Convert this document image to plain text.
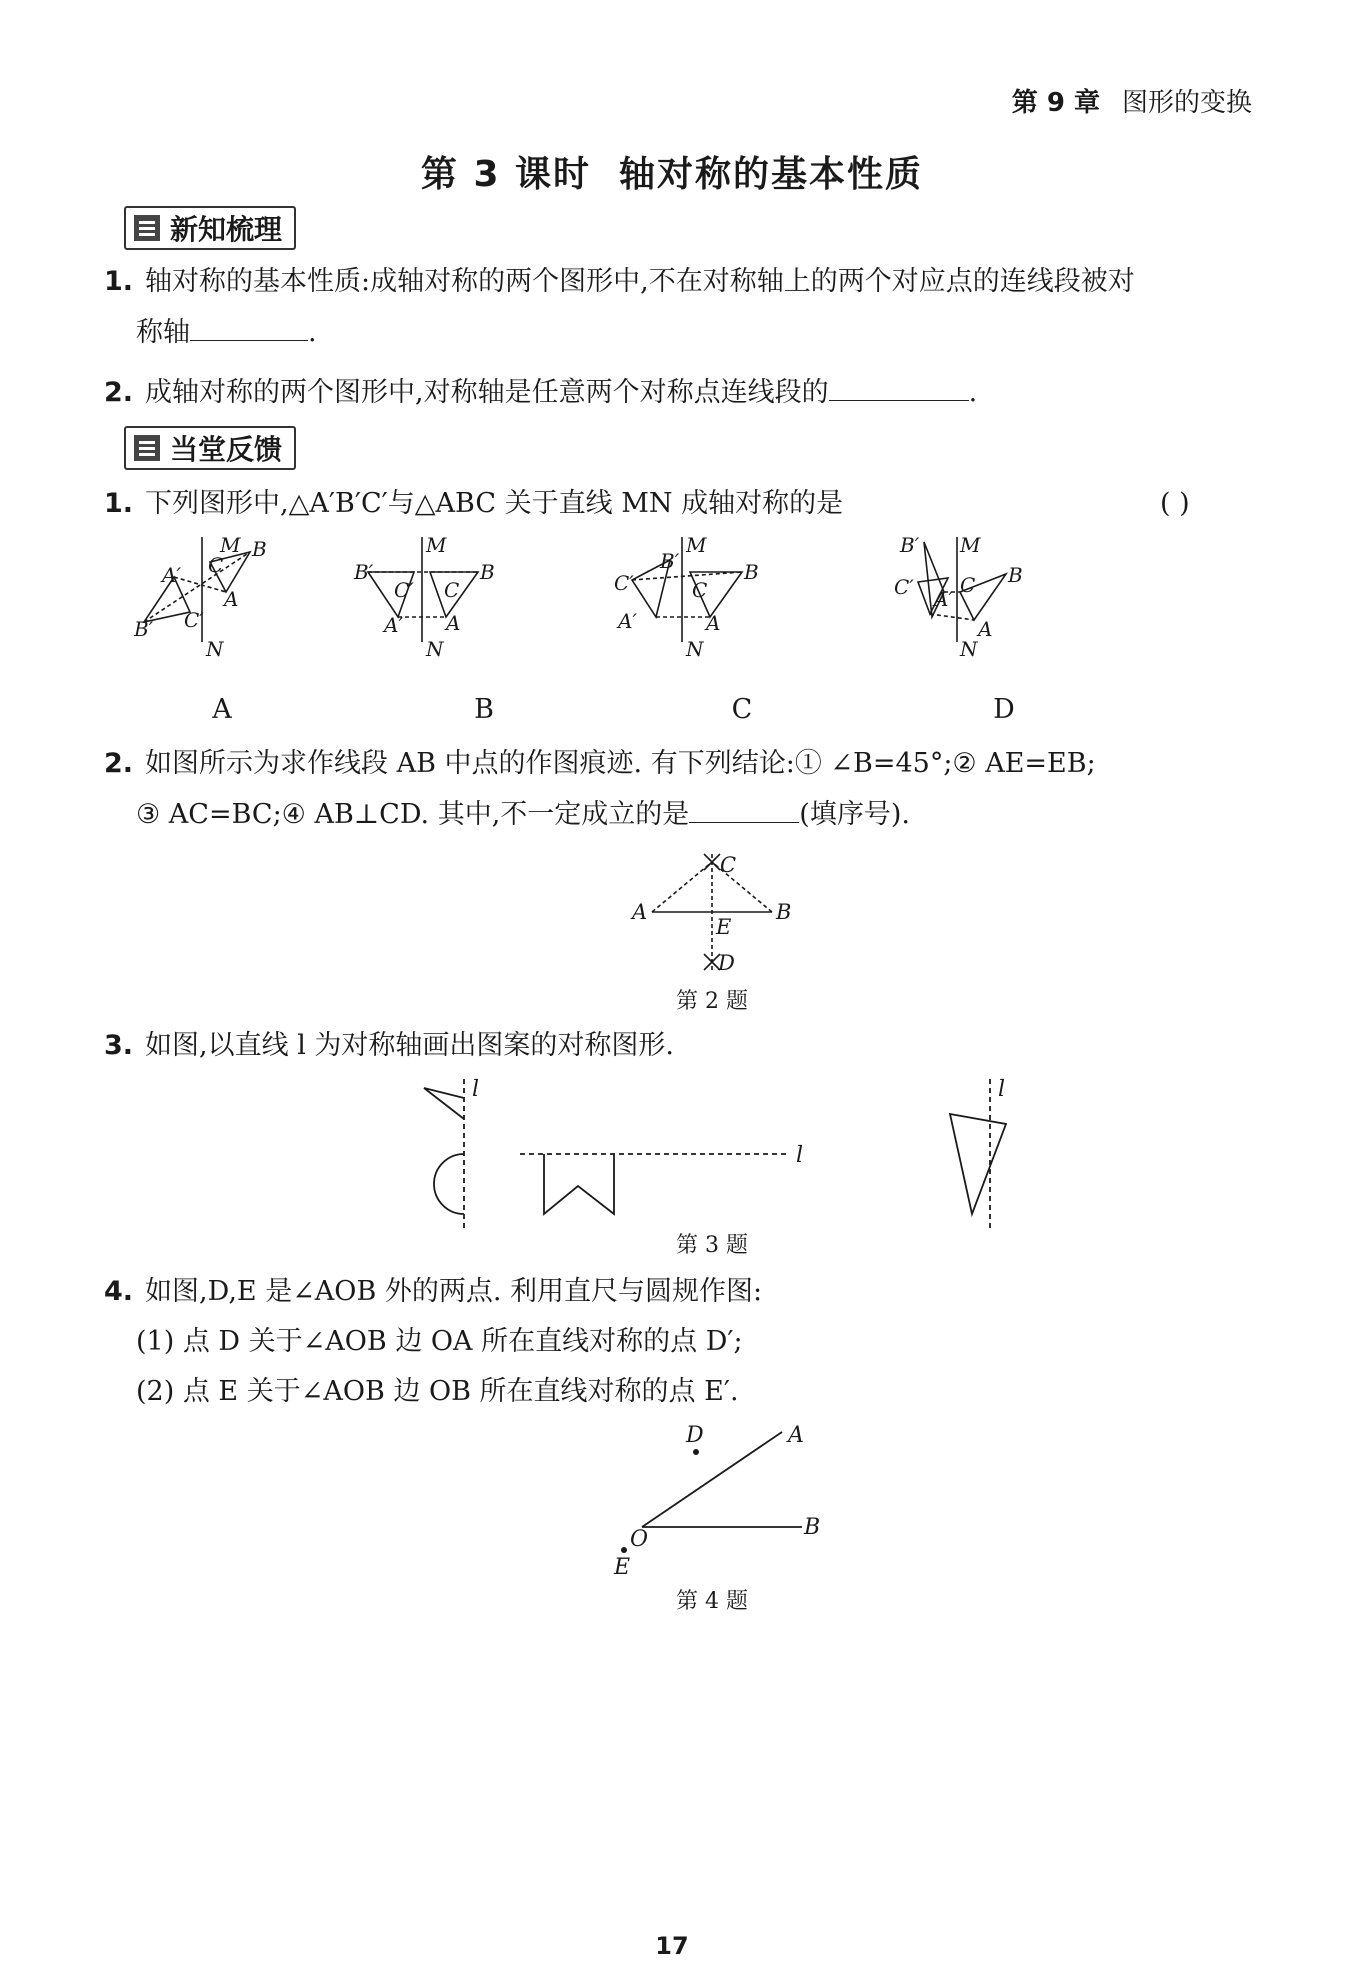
第 9 章 图形的变换
第 3 课时 轴对称的基本性质
新知梳理
1. 轴对称的基本性质:成轴对称的两个图形中,不在对称轴上的两个对应点的连线段被对
称轴	.
2. 成轴对称的两个图形中,对称轴是任意两个对称点连线段的	.
当堂反馈
1. 下列图形中,△A′B′C′与△ABC 关于直线 MN 成轴对称的是	( )
M
N
B
C
A
A′
B′ C′
M
N
B
C
A
B′
C′
A′
M
N
B
C
A
B′
C′
A′
M
N
B
C
A
B′
C′ A′
A	B	C	D
2. 如图所示为求作线段 AB 中点的作图痕迹. 有下列结论:① ∠B=45°;② AE=EB;
③ AC=BC;④ AB⊥CD. 其中,不一定成立的是	(填序号).
A	B
C
D
E
第 2 题
3. 如图,以直线 l 为对称轴画出图案的对称图形.
l
l
l
第 3 题
4. 如图,D,E 是∠AOB 外的两点. 利用直尺与圆规作图:
(1) 点 D 关于∠AOB 边 OA 所在直线对称的点 D′;
(2) 点 E 关于∠AOB 边 OB 所在直线对称的点 E′.
D	A
O	B
E
第 4 题
17
